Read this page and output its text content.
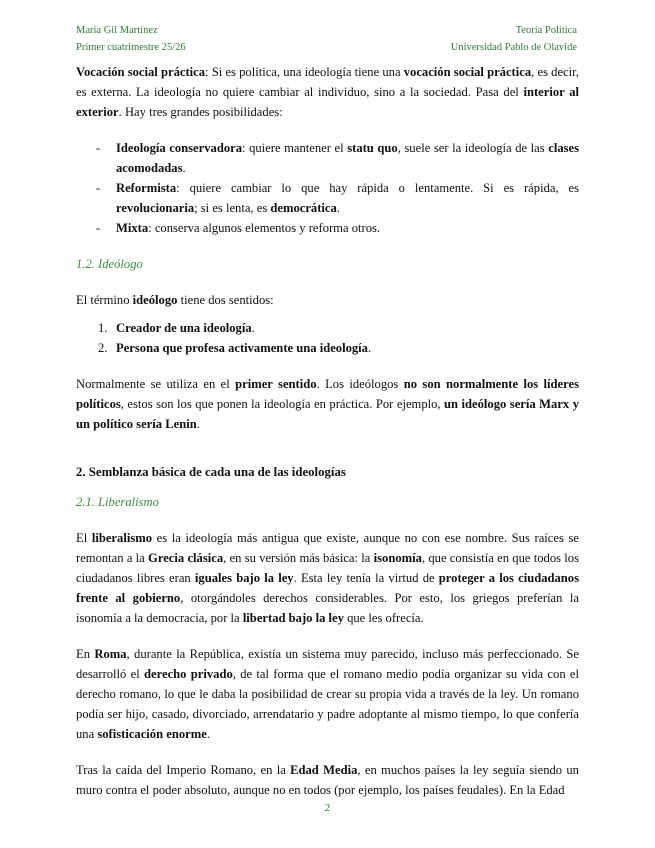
María Gil Martínez
Primer cuatrimestre 25/26
Teoría Política
Universidad Pablo de Olavide

Vocación social práctica: Si es política, una ideología tiene una vocación social práctica, es decir, es externa. La ideología no quiere cambiar al individuo, sino a la sociedad. Pasa del interior al exterior. Hay tres grandes posibilidades:

- Ideología conservadora: quiere mantener el statu quo, suele ser la ideología de las clases acomodadas.
- Reformista: quiere cambiar lo que hay rápida o lentamente. Si es rápida, es revolucionaria; si es lenta, es democrática.
- Mixta: conserva algunos elementos y reforma otros.
1.2. Ideólogo

El término ideólogo tiene dos sentidos:

1. Creador de una ideología.
2. Persona que profesa activamente una ideología.

Normalmente se utiliza en el primer sentido. Los ideólogos no son normalmente los líderes políticos, estos son los que ponen la ideología en práctica. Por ejemplo, un ideólogo sería Marx y un político sería Lenin.

2. Semblanza básica de cada una de las ideologías
2.1. Liberalismo

El liberalismo es la ideología más antigua que existe, aunque no con ese nombre. Sus raíces se remontan a la Grecia clásica, en su versión más básica: la isonomía, que consistía en que todos los ciudadanos libres eran iguales bajo la ley. Esta ley tenía la virtud de proteger a los ciudadanos frente al gobierno, otorgándoles derechos considerables. Por esto, los griegos preferían la isonomía a la democracia, por la libertad bajo la ley que les ofrecía.

En Roma, durante la República, existía un sistema muy parecido, incluso más perfeccionado. Se desarrolló el derecho privado, de tal forma que el romano medio podía organizar su vida con el derecho romano, lo que le daba la posibilidad de crear su propia vida a través de la ley. Un romano podía ser hijo, casado, divorciado, arrendatario y padre adoptante al mismo tiempo, lo que confería una sofisticación enorme.

Tras la caída del Imperio Romano, en la Edad Media, en muchos países la ley seguía siendo un muro contra el poder absoluto, aunque no en todos (por ejemplo, los países feudales). En la Edad

2
